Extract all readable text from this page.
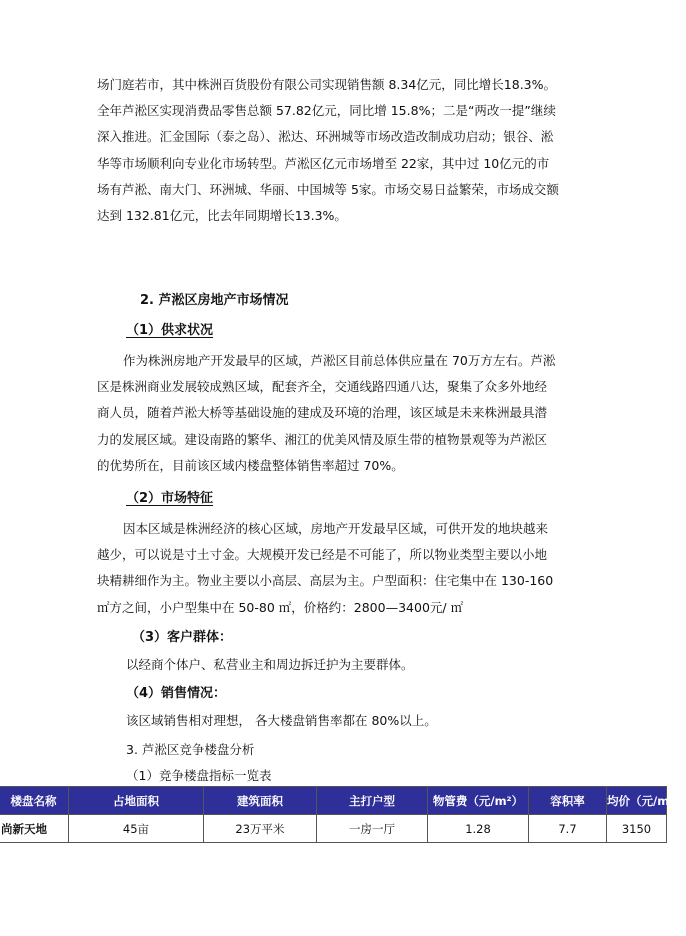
场门庭若市，其中株洲百货股份有限公司实现销售额 8.34亿元，同比增长18.3%。全年芦淞区实现消费品零售总额 57.82亿元，同比增 15.8%；二是“两改一提”继续深入推进。汇金国际（泰之岛）、淞达、环洲城等市场改造改制成功启动；银谷、淞华等市场顺利向专业化市场转型。芦淞区亿元市场增至 22家，其中过 10亿元的市场有芦淞、南大门、环洲城、华丽、中国城等 5家。市场交易日益繁荣，市场成交额达到 132.81亿元，比去年同期增长13.3%。

2. 芦淞区房地产市场情况
（1）供求状况

作为株洲房地产开发最早的区域，芦淞区目前总体供应量在 70万方左右。芦淞区是株洲商业发展较成熟区域，配套齐全，交通线路四通八达，聚集了众多外地经商人员，随着芦淞大桥等基础设施的建成及环境的治理，该区域是未来株洲最具潜力的发展区域。建设南路的繁华、湘江的优美风情及原生带的植物景观等为芦淞区的优势所在，目前该区域内楼盘整体销售率超过 70%。

（2）市场特征

因本区域是株洲经济的核心区域，房地产开发最早区域，可供开发的地块越来越少，可以说是寸土寸金。大规模开发已经是不可能了，所以物业类型主要以小地块精耕细作为主。物业主要以小高层、高层为主。户型面积：住宅集中在 130-160 ㎡方之间，小户型集中在 50-80 ㎡，价格约：2800—3400元/ ㎡

（3）客户群体：
以经商个体户、私营业主和周边拆迁护为主要群体。
（4）销售情况：
该区域销售相对理想， 各大楼盘销售率都在 80%以上。
3. 芦淞区竞争楼盘分析
（1）竞争楼盘指标一览表
楼盘名称	占地面积	建筑面积	主打户型	物管费（元/m²）	容积率	均价（元/m²）
尚新天地	45亩	23万平米	一房一厅	1.28	7.7	3150
